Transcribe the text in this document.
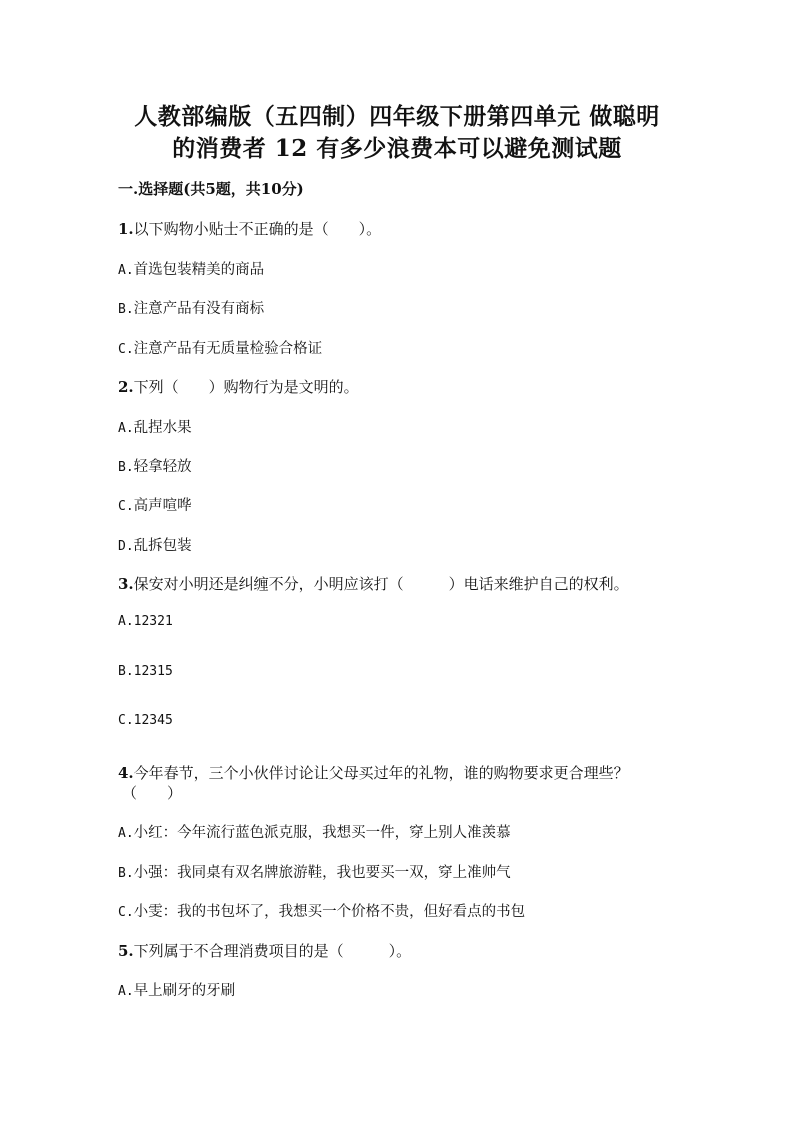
人教部编版（五四制）四年级下册第四单元 做聪明
的消费者 12 有多少浪费本可以避免测试题
一.选择题(共5题，共10分)
1.以下购物小贴士不正确的是（　　）。
A.首选包装精美的商品
B.注意产品有没有商标
C.注意产品有无质量检验合格证
2.下列（　　）购物行为是文明的。
A.乱捏水果
B.轻拿轻放
C.高声喧哗
D.乱拆包装
3.保安对小明还是纠缠不分，小明应该打（　　　）电话来维护自己的权利。
A.12321
B.12315
C.12345
4.今年春节，三个小伙伴讨论让父母买过年的礼物，谁的购物要求更合理些？
（　　）
A.小红：今年流行蓝色派克服，我想买一件，穿上别人准羡慕
B.小强：我同桌有双名牌旅游鞋，我也要买一双，穿上准帅气
C.小雯：我的书包坏了，我想买一个价格不贵，但好看点的书包
5.下列属于不合理消费项目的是（　　　）。
A.早上刷牙的牙刷
